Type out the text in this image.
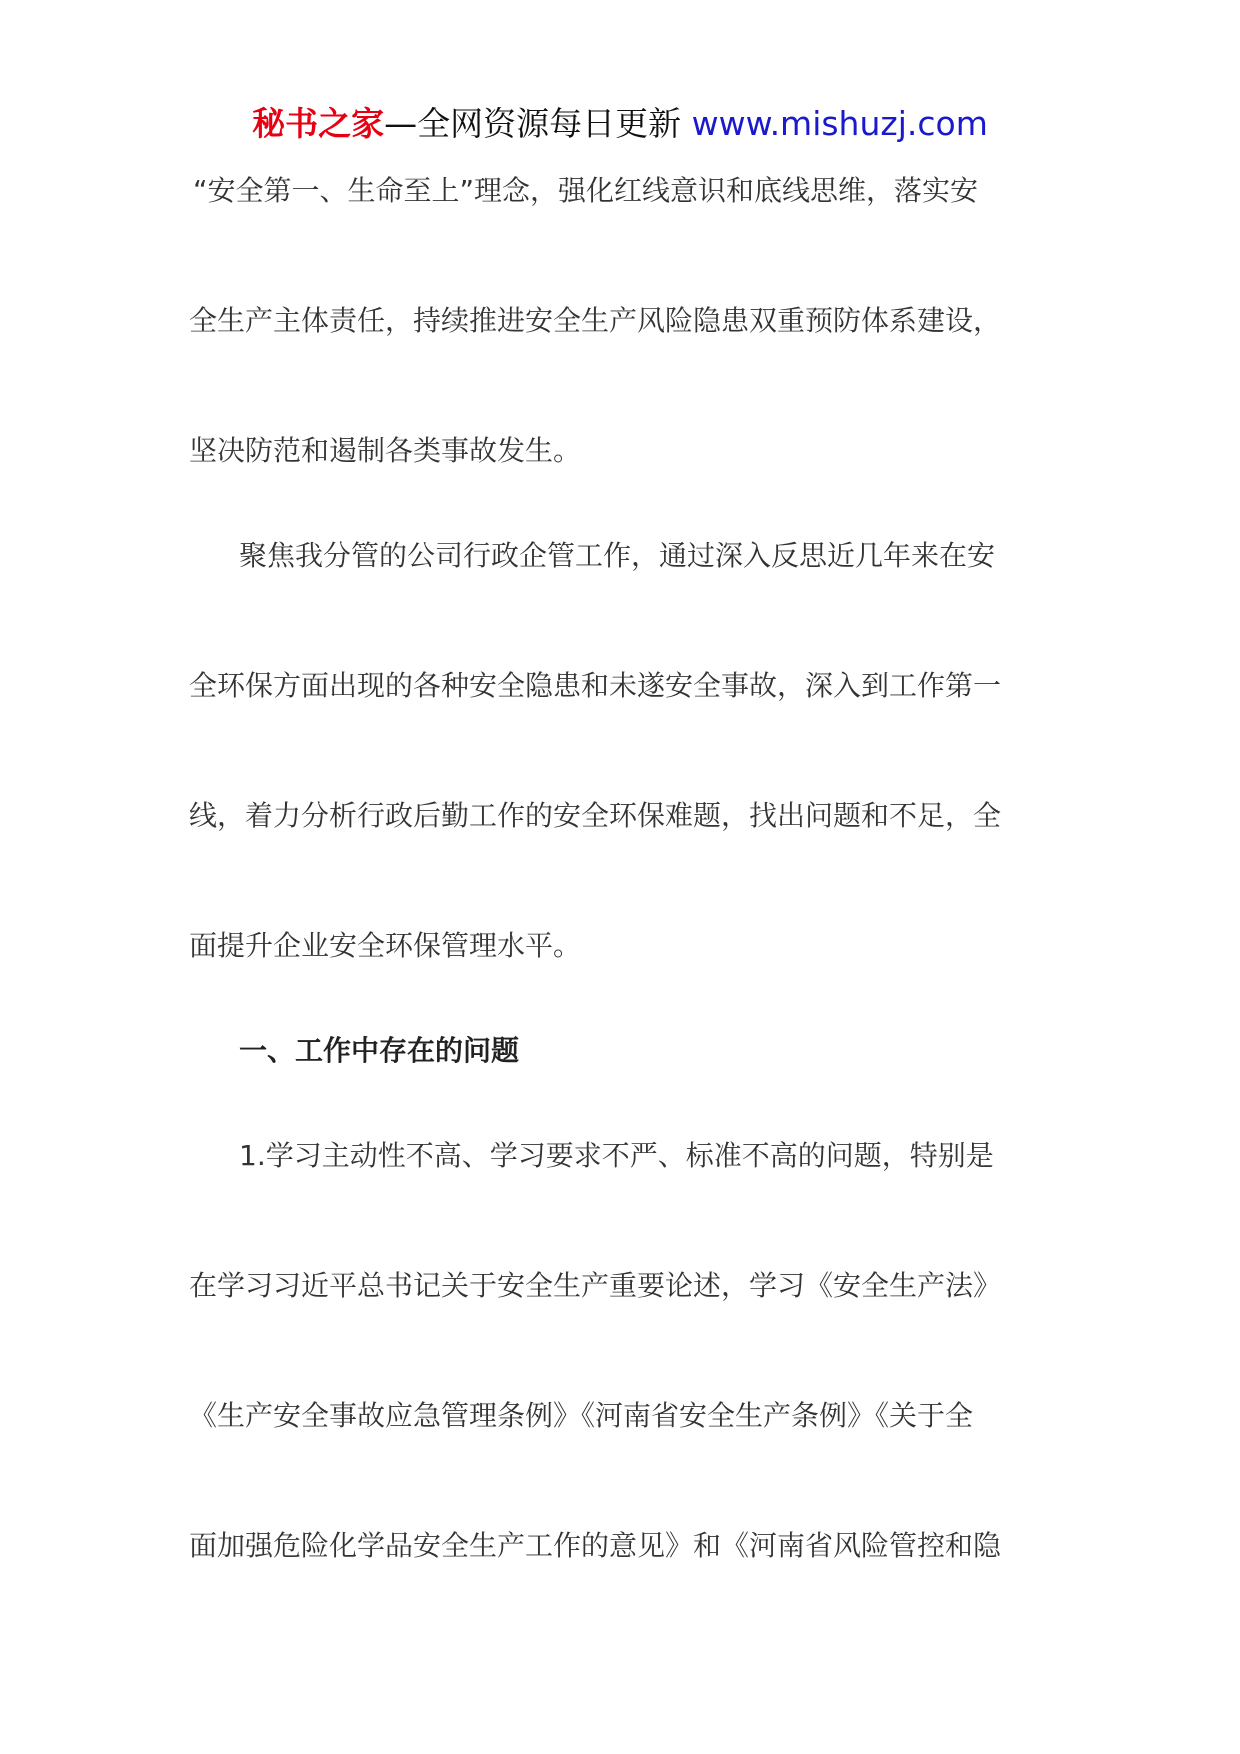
秘书之家—全网资源每日更新 www.mishuzj.com
“安全第一、生命至上”理念，强化红线意识和底线思维，落实安
全生产主体责任，持续推进安全生产风险隐患双重预防体系建设，
坚决防范和遏制各类事故发生。
聚焦我分管的公司行政企管工作，通过深入反思近几年来在安
全环保方面出现的各种安全隐患和未遂安全事故，深入到工作第一
线，着力分析行政后勤工作的安全环保难题，找出问题和不足，全
面提升企业安全环保管理水平。
一、工作中存在的问题
1.学习主动性不高、学习要求不严、标准不高的问题，特别是
在学习习近平总书记关于安全生产重要论述，学习《安全生产法》
《生产安全事故应急管理条例》《河南省安全生产条例》《关于全
面加强危险化学品安全生产工作的意见》和《河南省风险管控和隐
